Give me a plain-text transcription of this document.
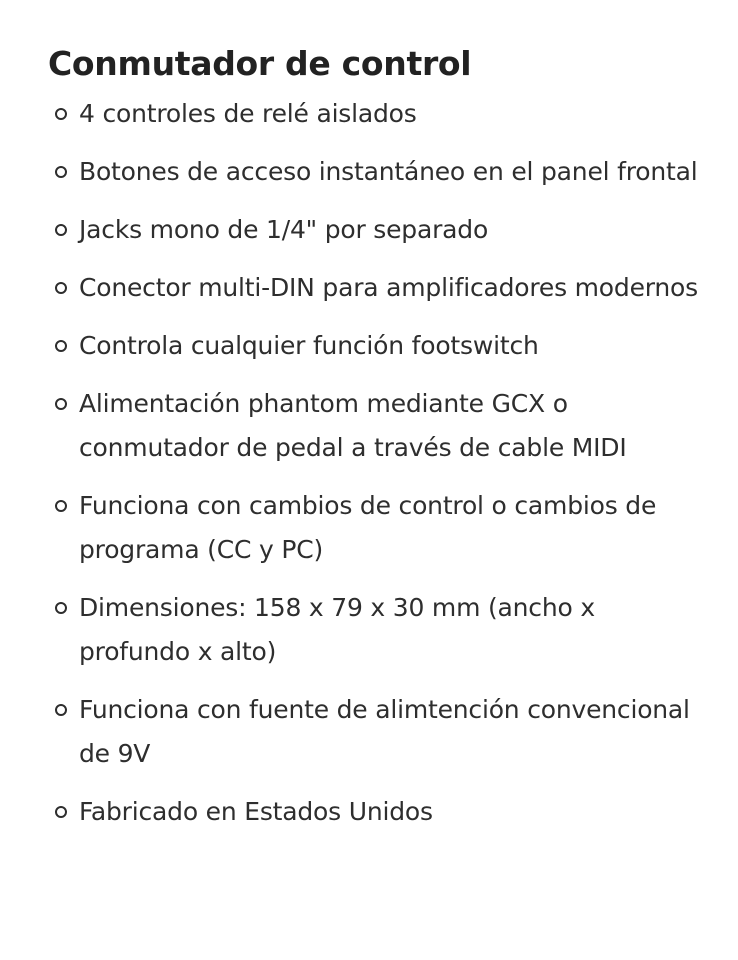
Conmutador de control
4 controles de relé aislados
Botones de acceso instantáneo en el panel frontal
Jacks mono de 1/4" por separado
Conector multi-DIN para amplificadores modernos
Controla cualquier función footswitch
Alimentación phantom mediante GCX o conmutador de pedal a través de cable MIDI
Funciona con cambios de control o cambios de programa (CC y PC)
Dimensiones: 158 x 79 x 30 mm (ancho x profundo x alto)
Funciona con fuente de alimtención convencional de 9V
Fabricado en Estados Unidos
